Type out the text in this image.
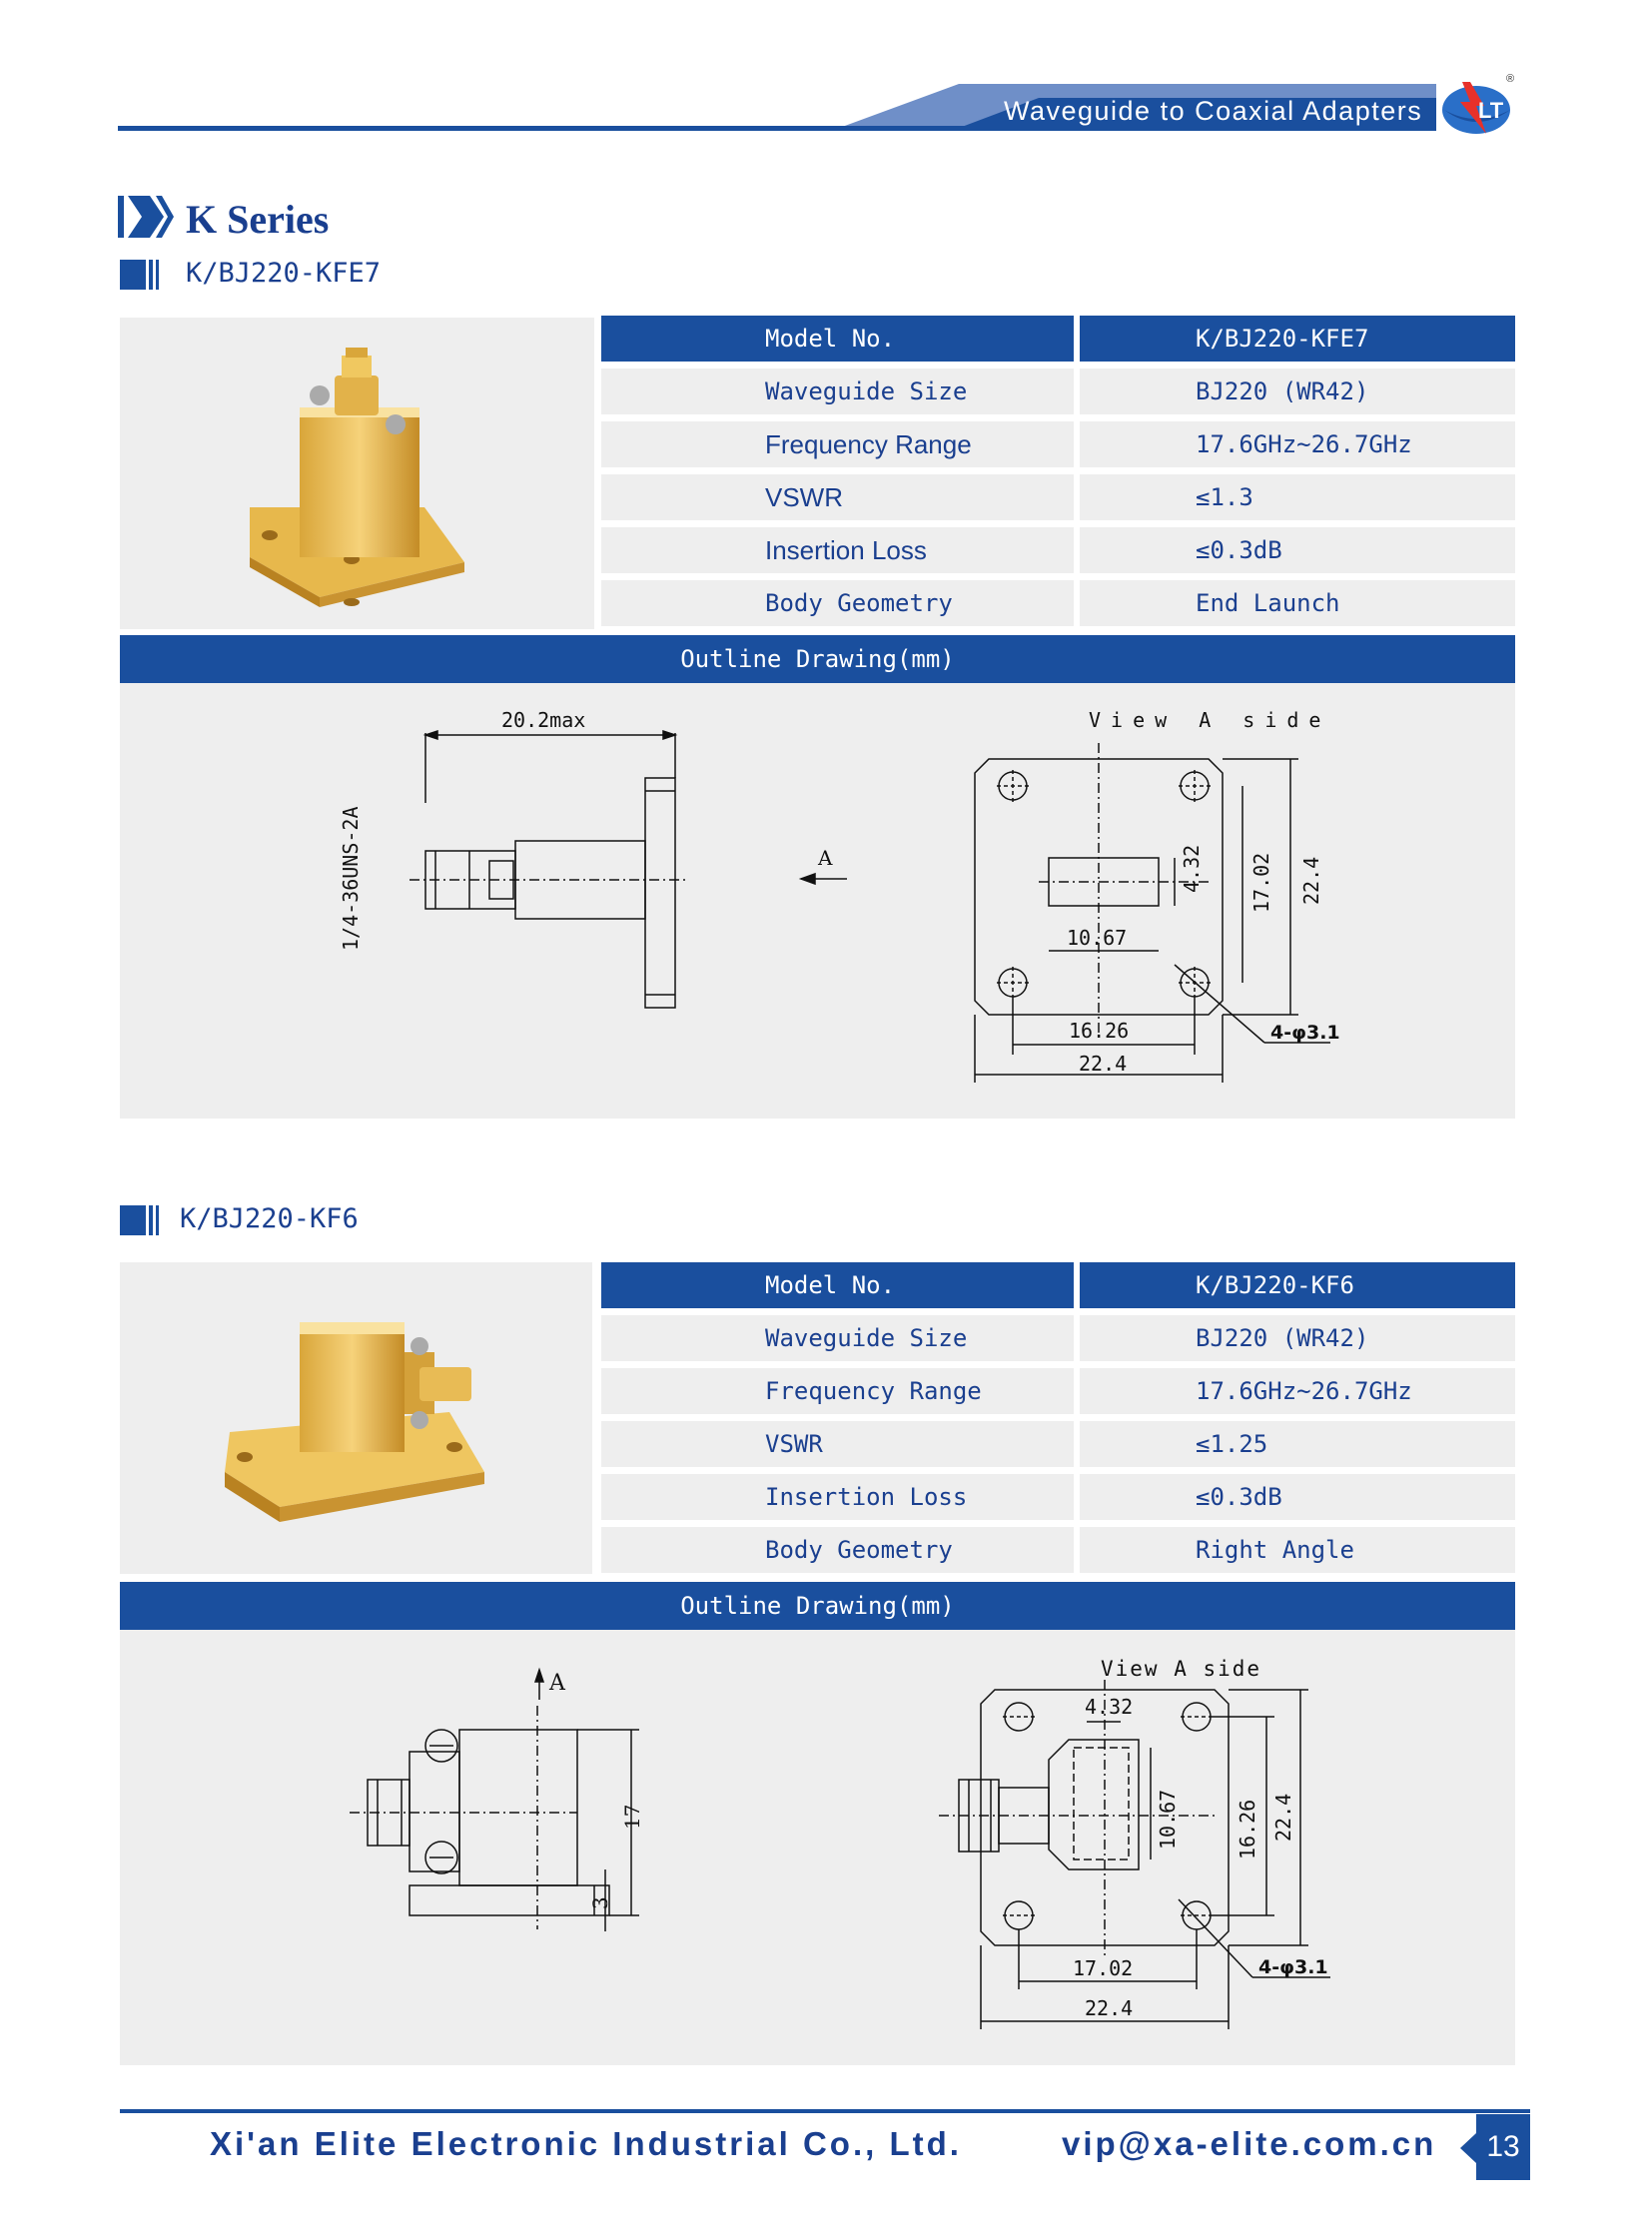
Waveguide to Coaxial Adapters	LT
®
K Series
K/BJ220-KFE7
Model No.	K/BJ220-KFE7
Waveguide Size	BJ220 (WR42)
Frequency Range	17.6GHz~26.7GHz
VSWR	≤1.3
Insertion Loss	≤0.3dB
Body Geometry	End Launch
Outline Drawing(mm)
20.2max
1/4-36UNS-2A	A
View A side
4.32
10.67
17.02 22.4
16.26
22.4
4-φ3.1
K/BJ220-KF6
Model No.	K/BJ220-KF6
Waveguide Size	BJ220 (WR42)
Frequency Range	17.6GHz~26.7GHz
VSWR	≤1.25
Insertion Loss	≤0.3dB
Body Geometry	Right Angle
Outline Drawing(mm)
A
17
3
View A side
4.32
10.67	16.26 22.4
17.02
22.4
4-φ3.1
Xi'an Elite Electronic Industrial Co., Ltd.	vip@xa-elite.com.cn	13
